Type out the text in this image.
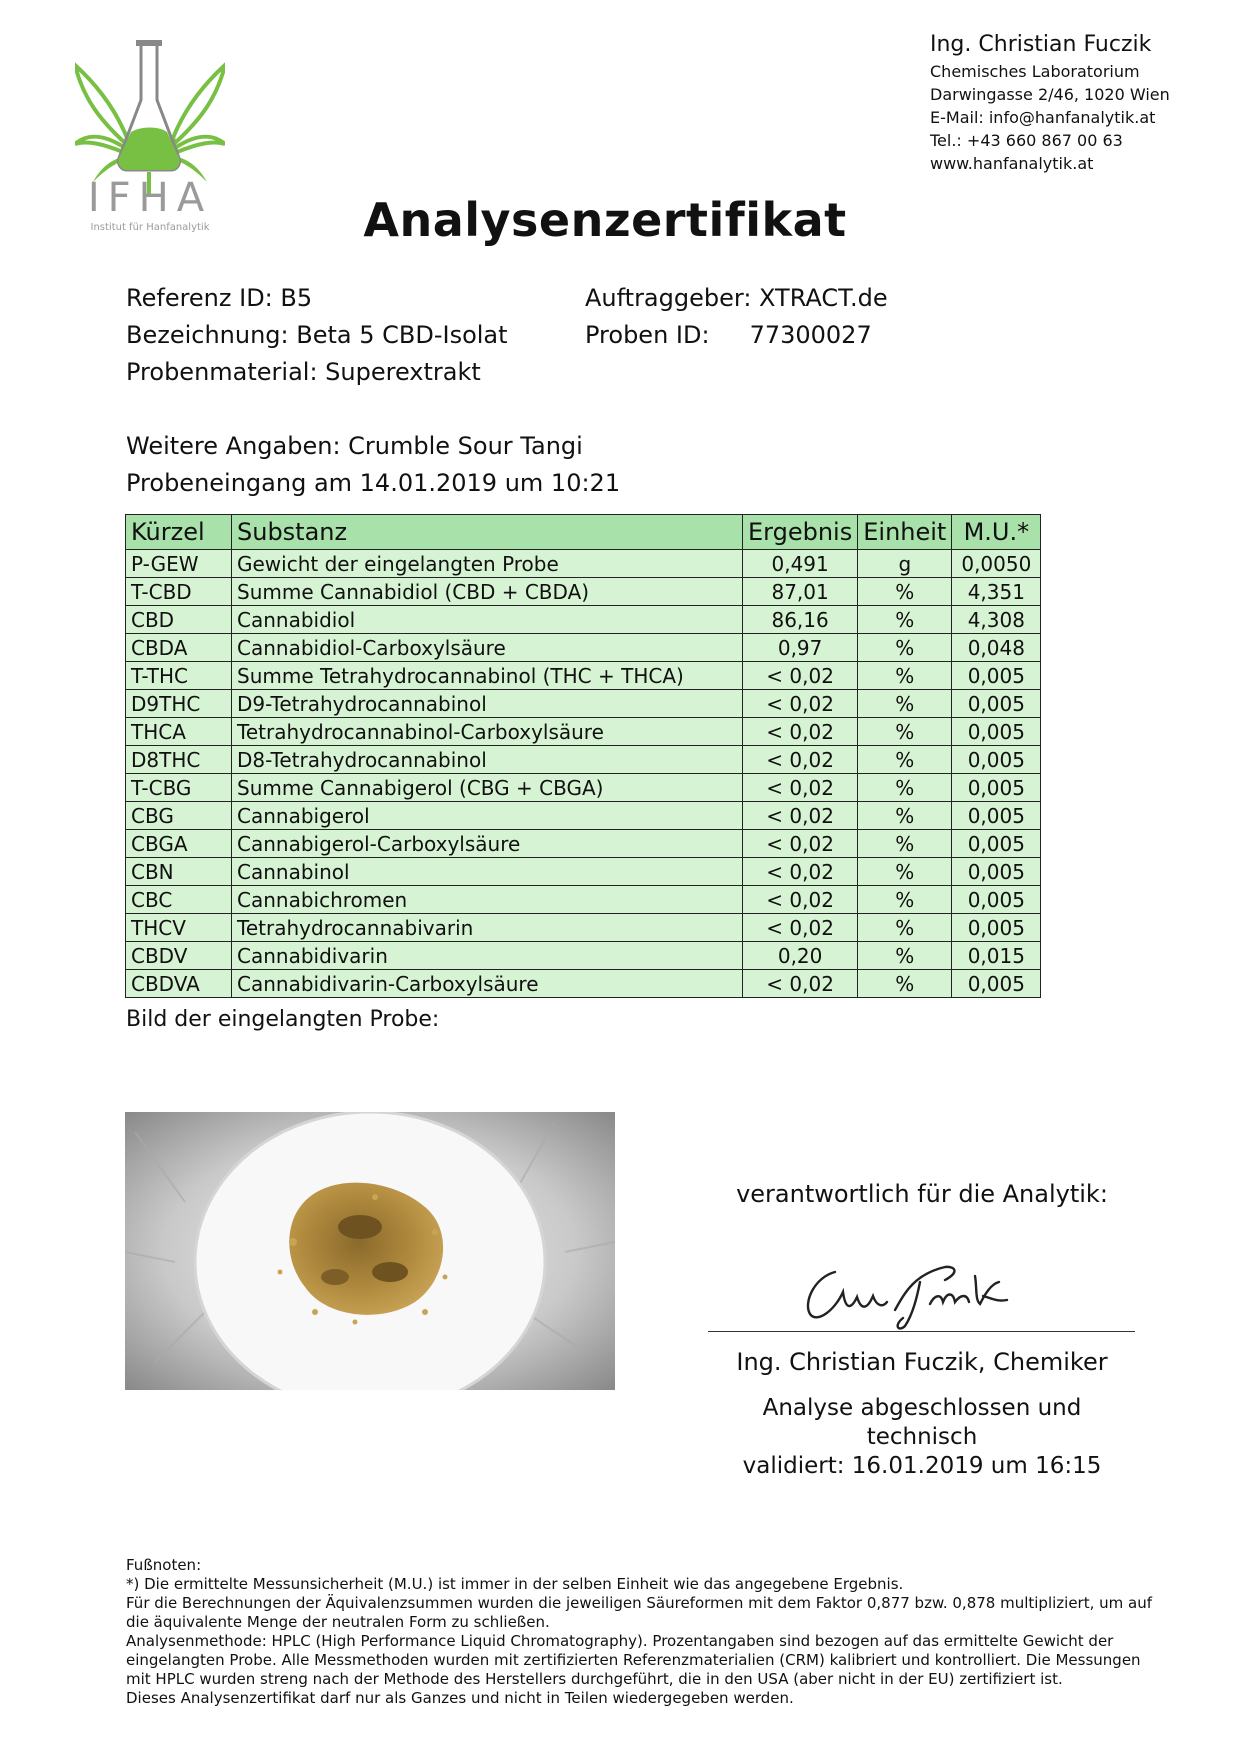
IFHA
Institut für Hanfanalytik
Ing. Christian Fuczik
Chemisches Laboratorium
Darwingasse 2/46, 1020 Wien
E-Mail: info@hanfanalytik.at
Tel.: +43 660 867 00 63
www.hanfanalytik.at
Analysenzertifikat
Referenz ID: B5
Bezeichnung: Beta 5 CBD-Isolat
Probenmaterial: Superextrakt
Auftraggeber: XTRACT.de
Proben ID: 77300027
Weitere Angaben: Crumble Sour Tangi
Probeneingang am 14.01.2019 um 10:21
Kürzel	Substanz	Ergebnis	Einheit	M.U.*
P-GEW	Gewicht der eingelangten Probe	0,491	g	0,0050
T-CBD	Summe Cannabidiol (CBD + CBDA)	87,01	%	4,351
CBD	Cannabidiol	86,16	%	4,308
CBDA	Cannabidiol-Carboxylsäure	0,97	%	0,048
T-THC	Summe Tetrahydrocannabinol (THC + THCA)	< 0,02	%	0,005
D9THC	D9-Tetrahydrocannabinol	< 0,02	%	0,005
THCA	Tetrahydrocannabinol-Carboxylsäure	< 0,02	%	0,005
D8THC	D8-Tetrahydrocannabinol	< 0,02	%	0,005
T-CBG	Summe Cannabigerol (CBG + CBGA)	< 0,02	%	0,005
CBG	Cannabigerol	< 0,02	%	0,005
CBGA	Cannabigerol-Carboxylsäure	< 0,02	%	0,005
CBN	Cannabinol	< 0,02	%	0,005
CBC	Cannabichromen	< 0,02	%	0,005
THCV	Tetrahydrocannabivarin	< 0,02	%	0,005
CBDV	Cannabidivarin	0,20	%	0,015
CBDVA	Cannabidivarin-Carboxylsäure	< 0,02	%	0,005
Bild der eingelangten Probe:
verantwortlich für die Analytik:
Ing. Christian Fuczik, Chemiker
Analyse abgeschlossen und technisch
validiert: 16.01.2019 um 16:15

Fußnoten:

*) Die ermittelte Messunsicherheit (M.U.) ist immer in der selben Einheit wie das angegebene Ergebnis.

Für die Berechnungen der Äquivalenzsummen wurden die jeweiligen Säureformen mit dem Faktor 0,877 bzw. 0,878 multipliziert, um auf die äquivalente Menge der neutralen Form zu schließen.

Analysenmethode: HPLC (High Performance Liquid Chromatography). Prozentangaben sind bezogen auf das ermittelte Gewicht der eingelangten Probe. Alle Messmethoden wurden mit zertifizierten Referenzmaterialien (CRM) kalibriert und kontrolliert. Die Messungen mit HPLC wurden streng nach der Methode des Herstellers durchgeführt, die in den USA (aber nicht in der EU) zertifiziert ist.

Dieses Analysenzertifikat darf nur als Ganzes und nicht in Teilen wiedergegeben werden.
